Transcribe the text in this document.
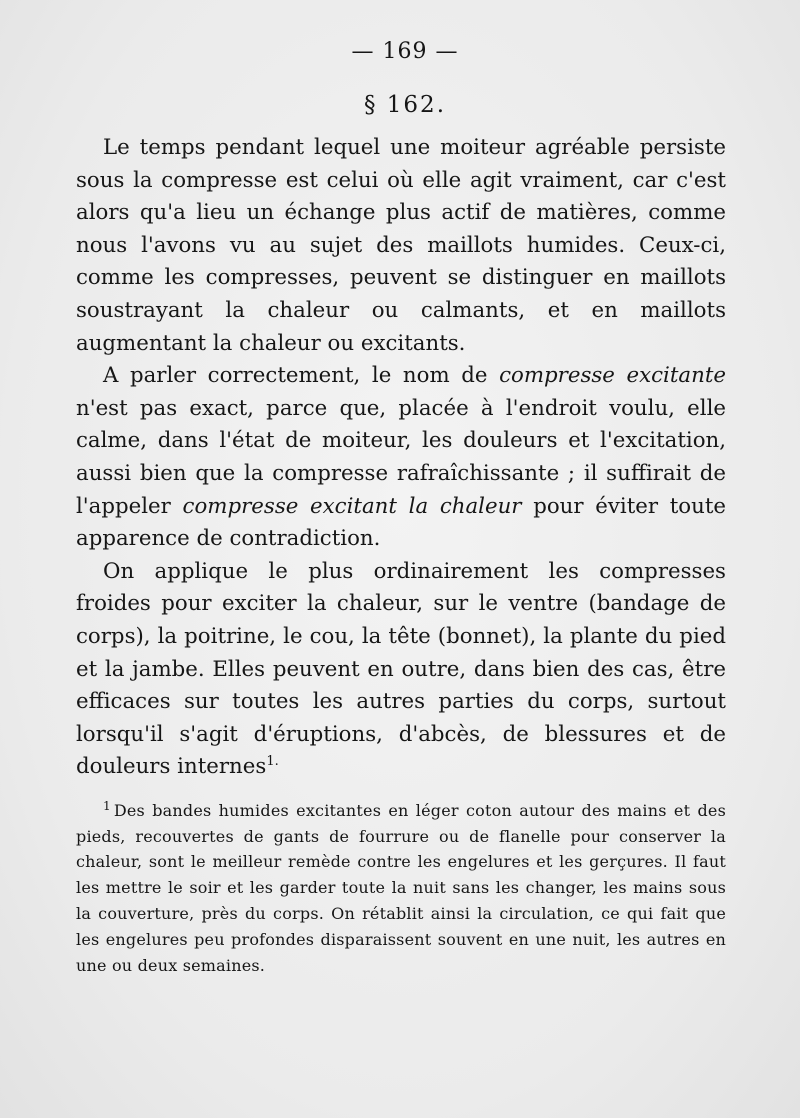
— 169 —
§ 162.

Le temps pendant lequel une moiteur agréable persiste sous la compresse est celui où elle agit vraiment, car c'est alors qu'a lieu un échange plus actif de matières, comme nous l'avons vu au sujet des maillots humides. Ceux-ci, comme les compresses, peuvent se distinguer en maillots soustrayant la chaleur ou calmants, et en maillots augmentant la chaleur ou excitants.

A parler correctement, le nom de compresse excitante n'est pas exact, parce que, placée à l'endroit voulu, elle calme, dans l'état de moiteur, les douleurs et l'excitation, aussi bien que la compresse rafraîchissante ; il suffirait de l'appeler compresse excitant la chaleur pour éviter toute apparence de contradiction.

On applique le plus ordinairement les compresses froides pour exciter la chaleur, sur le ventre (bandage de corps), la poitrine, le cou, la tête (bonnet), la plante du pied et la jambe. Elles peuvent en outre, dans bien des cas, être efficaces sur toutes les autres parties du corps, surtout lorsqu'il s'agit d'éruptions, d'abcès, de blessures et de douleurs internes$^{1.}$

$^1$ Des bandes humides excitantes en léger coton autour des mains et des pieds, recouvertes de gants de fourrure ou de flanelle pour conserver la chaleur, sont le meilleur remède contre les engelures et les gerçures. Il faut les mettre le soir et les garder toute la nuit sans les changer, les mains sous la couverture, près du corps. On rétablit ainsi la circulation, ce qui fait que les engelures peu profondes disparaissent souvent en une nuit, les autres en une ou deux semaines.
